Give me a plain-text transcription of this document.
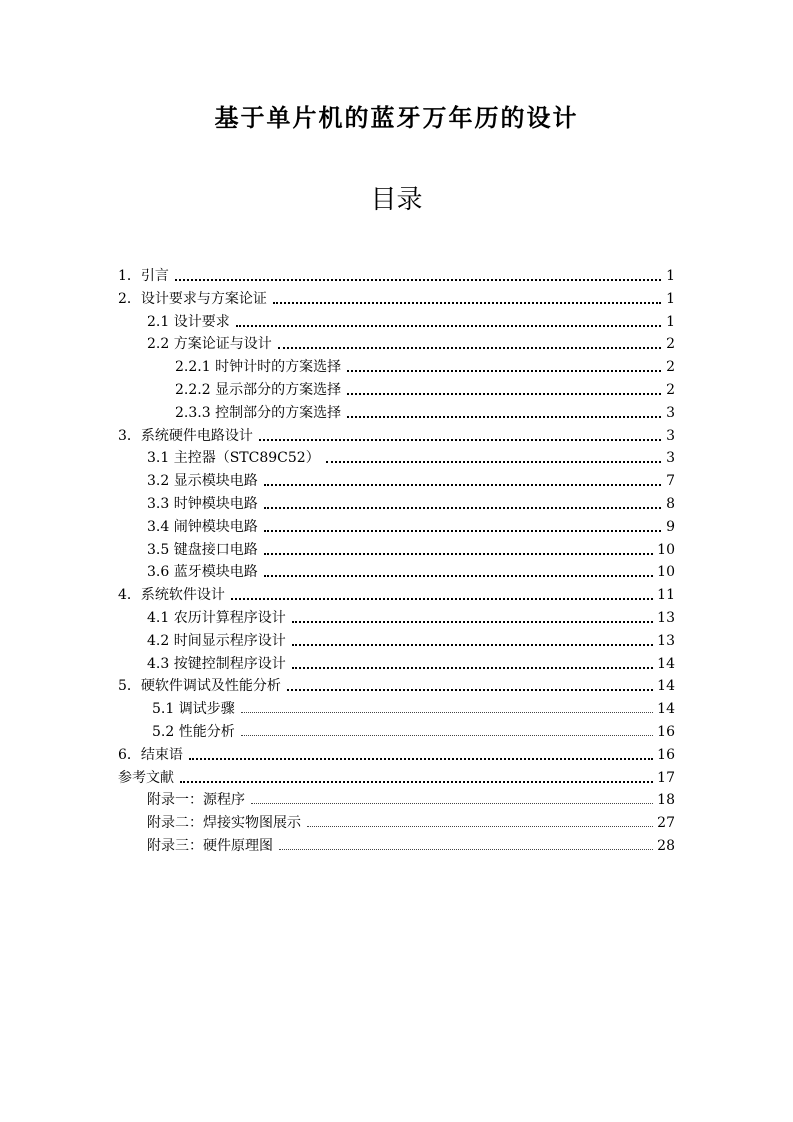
基于单片机的蓝牙万年历的设计
目录
1．引言	1
2．设计要求与方案论证	1
2.1 设计要求	1
2.2 方案论证与设计	2
2.2.1 时钟计时的方案选择	2
2.2.2 显示部分的方案选择	2
2.3.3 控制部分的方案选择	3
3．系统硬件电路设计	3
3.1 主控器（STC89C52）	3
3.2 显示模块电路	7
3.3 时钟模块电路	8
3.4 闹钟模块电路	9
3.5 键盘接口电路	10
3.6 蓝牙模块电路	10
4．系统软件设计	11
4.1 农历计算程序设计	13
4.2 时间显示程序设计	13
4.3 按键控制程序设计	14
5．硬软件调试及性能分析	14
5.1 调试步骤	14
5.2 性能分析	16
6．结束语	16
参考文献	17
附录一：源程序	18
附录二：焊接实物图展示	27
附录三：硬件原理图	28
